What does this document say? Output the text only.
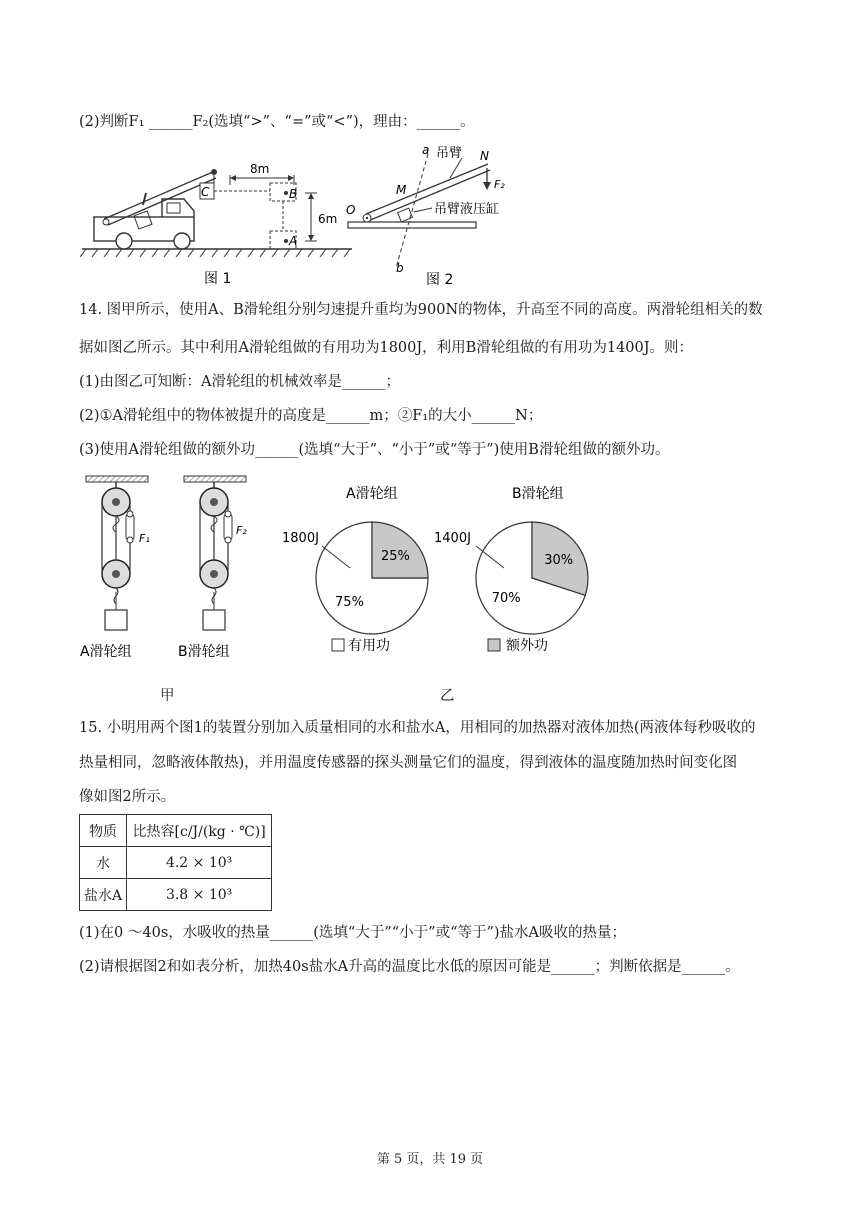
(2)判断F₁ ______F₂(选填“>”、“=”或“<”)，理由：______。
C	B
A
8m
6m
图 1
a
b
O
N
F₂
吊臂
M
吊臂液压缸
图 2
14. 图甲所示，使用A、B滑轮组分别匀速提升重均为900N的物体，升高至不同的高度。两滑轮组相关的数
据如图乙所示。其中利用A滑轮组做的有用功为1800J，利用B滑轮组做的有用功为1400J。则：
(1)由图乙可知断：A滑轮组的机械效率是______；
(2)①A滑轮组中的物体被提升的高度是______m；②F₁的大小______N；
(3)使用A滑轮组做的额外功______(选填“大于”、“小于”或“等于”)使用B滑轮组做的额外功。
F₁
A滑轮组
F₂
B滑轮组
甲
A滑轮组
1800J
25%
75%
B滑轮组
1400J
30%
70%
有用功	额外功
乙
15. 小明用两个图1的装置分别加入质量相同的水和盐水A，用相同的加热器对液体加热(两液体每秒吸收的
热量相同，忽略液体散热)，并用温度传感器的探头测量它们的温度，得到液体的温度随加热时间变化图
像如图2所示。
物质	比热容[c/J/(kg · ℃)]
水	4.2 × 10³
盐水A	3.8 × 10³
(1)在0 ～40s，水吸收的热量______(选填“大于”“小于”或“等于”)盐水A吸收的热量；
(2)请根据图2和如表分析，加热40s盐水A升高的温度比水低的原因可能是______；判断依据是______。
第 5 页，共 19 页
